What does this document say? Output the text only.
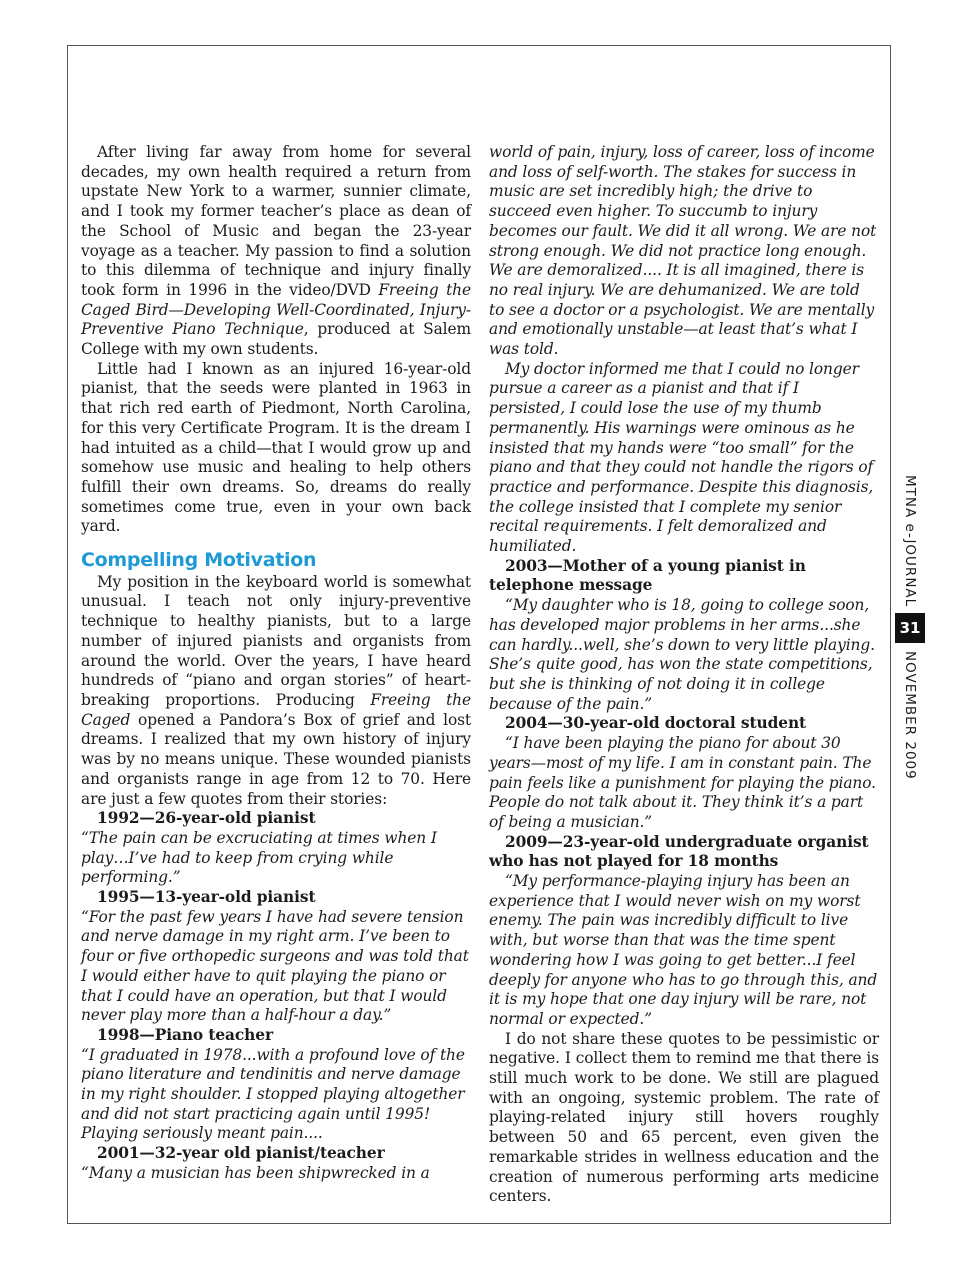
After living far away from home for several decades, my own health required a return from upstate New York to a warmer, sunnier climate, and I took my former teacher’s place as dean of the School of Music and began the 23-year voyage as a teacher. My passion to find a solution to this dilemma of technique and injury finally took form in 1996 in the video/DVD Freeing the Caged Bird—Developing Well-Coordinated, Injury-Preventive Piano Technique, produced at Salem College with my own students.

Little had I known as an injured 16-year-old pianist, that the seeds were planted in 1963 in that rich red earth of Piedmont, North Carolina, for this very Certificate Program. It is the dream I had intuited as a child—that I would grow up and somehow use music and healing to help others fulfill their own dreams. So, dreams do really sometimes come true, even in your own back yard.

Compelling Motivation

My position in the keyboard world is somewhat unusual. I teach not only injury-preventive technique to healthy pianists, but to a large number of injured pianists and organists from around the world. Over the years, I have heard hundreds of “piano and organ stories” of heart-breaking proportions. Producing Freeing the Caged opened a Pandora’s Box of grief and lost dreams. I realized that my own history of injury was by no means unique. These wounded pianists and organists range in age from 12 to 70. Here are just a few quotes from their stories:

1992—26-year-old pianist

“The pain can be excruciating at times when I play…I’ve had to keep from crying while performing.”

1995—13-year-old pianist

“For the past few years I have had severe tension and nerve damage in my right arm. I’ve been to four or five orthopedic surgeons and was told that I would either have to quit playing the piano or that I could have an operation, but that I would never play more than a half-hour a day.”

1998—Piano teacher

“I graduated in 1978...with a profound love of the piano literature and tendinitis and nerve damage in my right shoulder. I stopped playing altogether and did not start practicing again until 1995! Playing seriously meant pain....

2001—32-year old pianist/teacher

“Many a musician has been shipwrecked in a

world of pain, injury, loss of career, loss of income and loss of self-worth. The stakes for success in music are set incredibly high; the drive to succeed even higher. To succumb to injury becomes our fault. We did it all wrong. We are not strong enough. We did not practice long enough. We are demoralized.... It is all imagined, there is no real injury. We are dehumanized. We are told to see a doctor or a psychologist. We are mentally and emotionally unstable—at least that’s what I was told.

My doctor informed me that I could no longer pursue a career as a pianist and that if I persisted, I could lose the use of my thumb permanently. His warnings were ominous as he insisted that my hands were “too small” for the piano and that they could not handle the rigors of practice and performance. Despite this diagnosis, the college insisted that I complete my senior recital requirements. I felt demoralized and humiliated.

2003—Mother of a young pianist in telephone message

“My daughter who is 18, going to college soon, has developed major problems in her arms...she can hardly...well, she’s down to very little playing. She’s quite good, has won the state competitions, but she is thinking of not doing it in college because of the pain.”

2004—30-year-old doctoral student

“I have been playing the piano for about 30 years—most of my life. I am in constant pain. The pain feels like a punishment for playing the piano. People do not talk about it. They think it’s a part of being a musician.”

2009—23-year-old undergraduate organist who has not played for 18 months

“My performance-playing injury has been an experience that I would never wish on my worst enemy. The pain was incredibly difficult to live with, but worse than that was the time spent wondering how I was going to get better...I feel deeply for anyone who has to go through this, and it is my hope that one day injury will be rare, not normal or expected.”

I do not share these quotes to be pessimistic or negative. I collect them to remind me that there is still much work to be done. We still are plagued with an ongoing, systemic problem. The rate of playing-related injury still hovers roughly between 50 and 65 percent, even given the remarkable strides in wellness education and the creation of numerous performing arts medicine centers.

MTNA e-JOURNAL
31
NOVEMBER 2009
